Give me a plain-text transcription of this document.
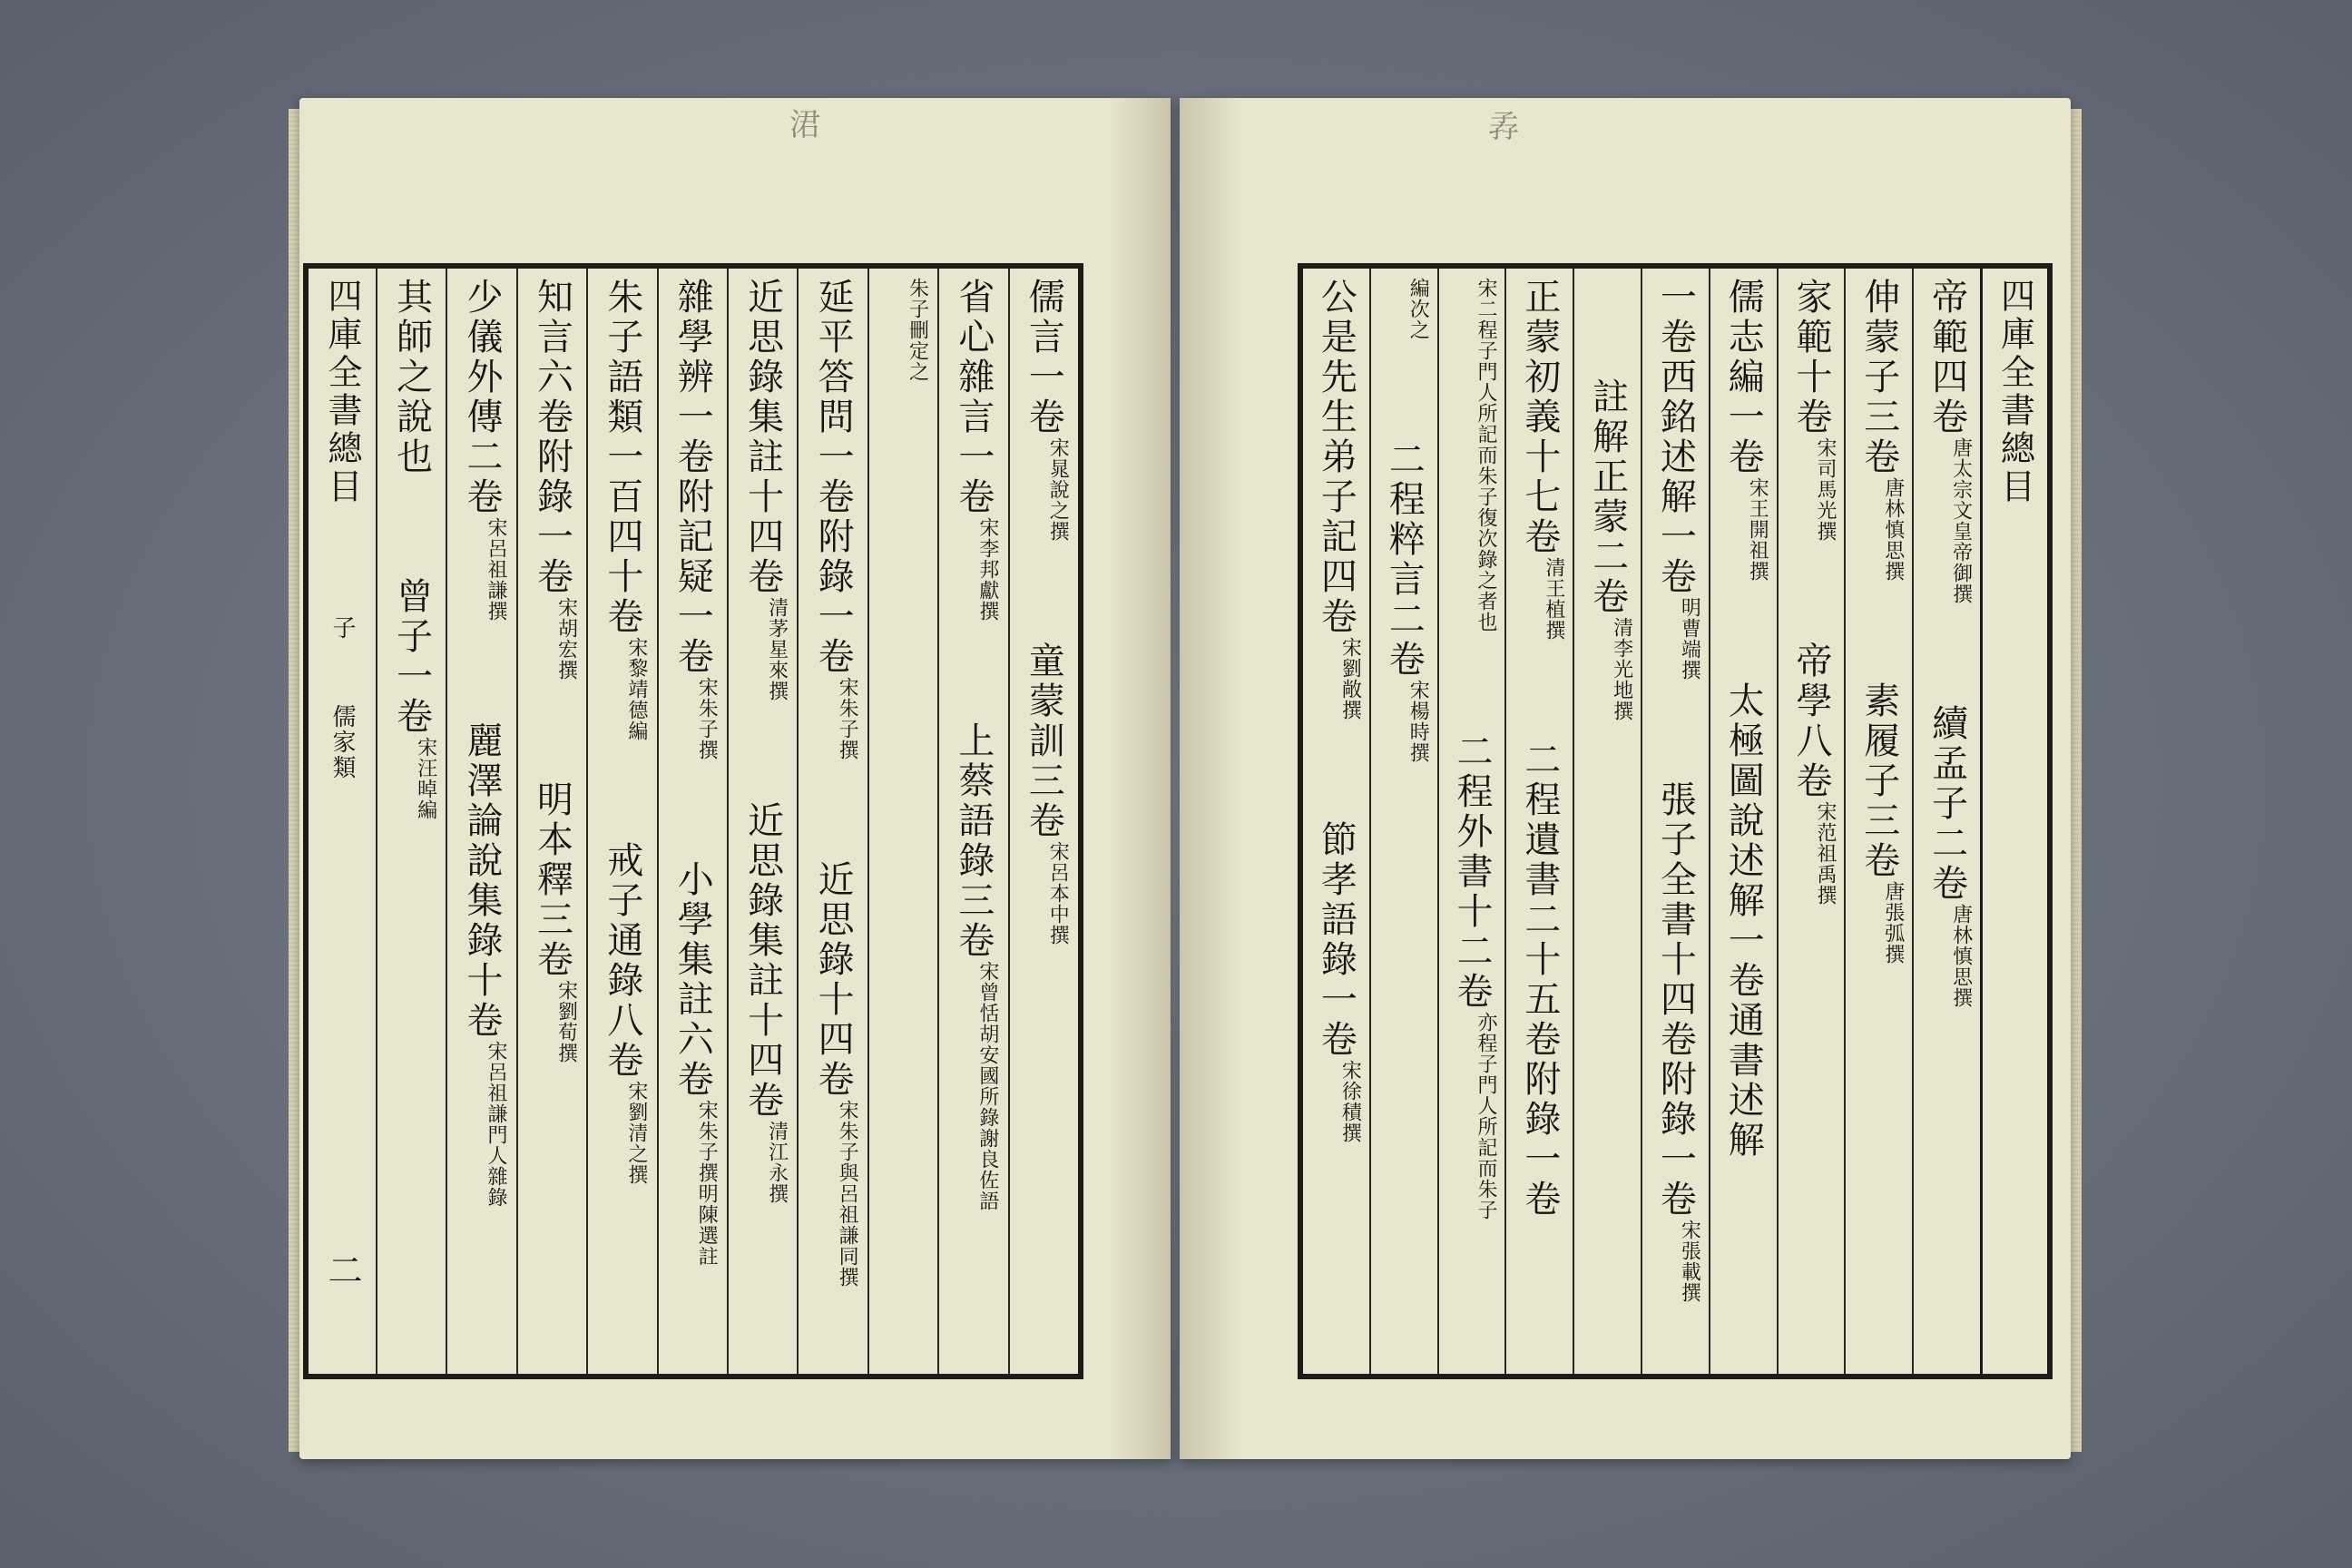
涒	孨
儒言一卷宋晁說之撰童蒙訓三卷宋呂本中撰
省心雜言一卷宋李邦獻撰上蔡語錄三卷宋曾恬胡安國所錄謝良佐語
朱子刪定之
延平答問一卷附錄一卷宋朱子撰近思錄十四卷宋朱子與呂祖謙同撰
近思錄集註十四卷清茅星來撰近思錄集註十四卷清江永撰
雜學辨一卷附記疑一卷宋朱子撰小學集註六卷宋朱子撰明陳選註
朱子語類一百四十卷宋黎靖德編戒子通錄八卷宋劉清之撰
知言六卷附錄一卷宋胡宏撰明本釋三卷宋劉荀撰
少儀外傳二卷宋呂祖謙撰麗澤論說集錄十卷宋呂祖謙門人雜錄
其師之說也曾子一卷宋汪晫編
四庫全書總目
子
儒家類
二
四庫全書總目
帝範四卷唐太宗文皇帝御撰續孟子二卷唐林慎思撰
伸蒙子三卷唐林慎思撰素履子三卷唐張弧撰
家範十卷宋司馬光撰帝學八卷宋范祖禹撰
儒志編一卷宋王開祖撰太極圖說述解一卷通書述解
一卷西銘述解一卷明曹端撰張子全書十四卷附錄一卷宋張載撰
註解正蒙二卷清李光地撰
正蒙初義十七卷清王植撰二程遺書二十五卷附錄一卷
宋二程子門人所記而朱子復次錄之者也二程外書十二卷亦程子門人所記而朱子
編次之二程粹言二卷宋楊時撰
公是先生弟子記四卷宋劉敞撰節孝語錄一卷宋徐積撰
